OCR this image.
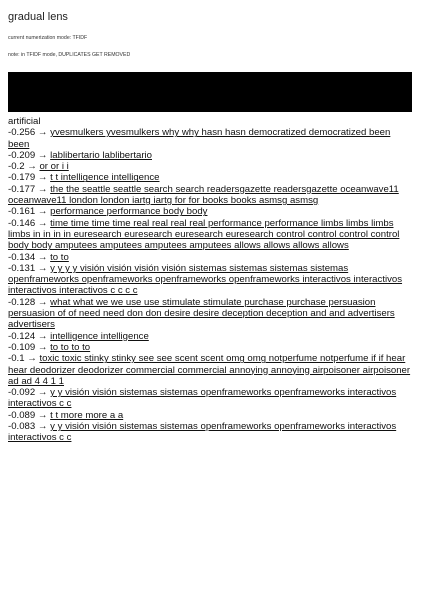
gradual lens
current numerization mode: TFIDF
note: in TFIDF mode, DUPLICATES GET REMOVED
artificial
-0.256 → yvesmulkers yvesmulkers why why hasn hasn democratized democratized been been
-0.209 → lablibertario lablibertario
-0.2 → or or i i
-0.179 → t t intelligence intelligence
-0.177 → the the seattle seattle search search readersgazette readersgazette oceanwave11 oceanwave11 london london iartg iartg for for books books asmsg asmsg
-0.161 → performance performance body body
-0.146 → time time time time real real real real performance performance limbs limbs limbs limbs in in in in euresearch euresearch euresearch euresearch control control control control body body amputees amputees amputees amputees allows allows allows allows
-0.134 → to to
-0.131 → y y y y visión visión visión visión sistemas sistemas sistemas sistemas openframeworks openframeworks openframeworks openframeworks interactivos interactivos interactivos interactivos c c c c
-0.128 → what what we we use use stimulate stimulate purchase purchase persuasion persuasion of of need need don don desire desire deception deception and and advertisers advertisers
-0.124 → intelligence intelligence
-0.109 → to to to to
-0.1 → toxic toxic stinky stinky see see scent scent omg omg notperfume notperfume if if hear hear deodorizer deodorizer commercial commercial annoying annoying airpoisoner airpoisoner ad ad 4 4 1 1
-0.092 → y y visión visión sistemas sistemas openframeworks openframeworks interactivos interactivos c c
-0.089 → t t more more a a
-0.083 → y y visión visión sistemas sistemas openframeworks openframeworks interactivos interactivos c c
